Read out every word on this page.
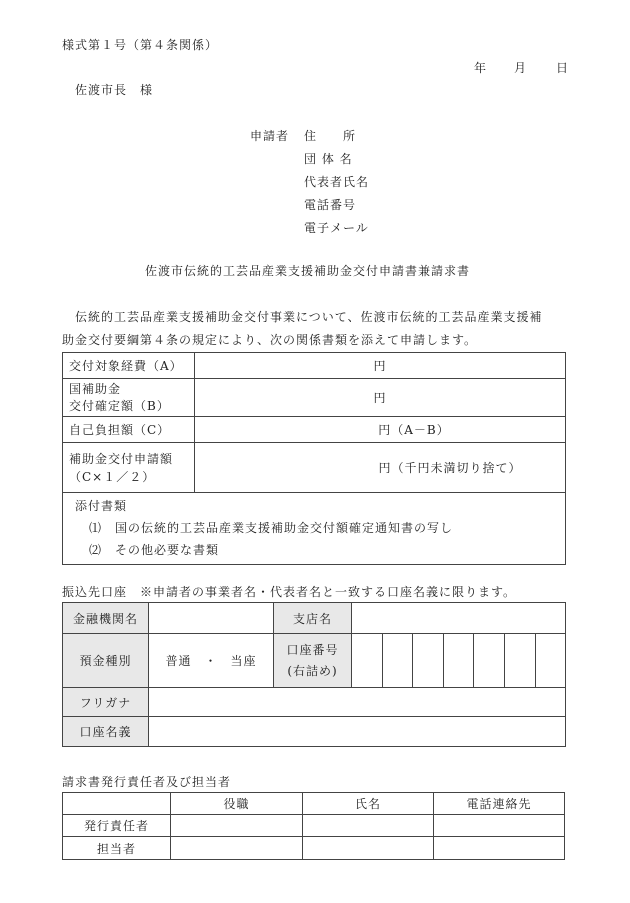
様式第１号（第４条関係）
年 月 日
佐渡市長　様
申請者 住　　所
団 体 名
代表者氏名
電話番号
電子メール
佐渡市伝統的工芸品産業支援補助金交付申請書兼請求書
伝統的工芸品産業支援補助金交付事業について、佐渡市伝統的工芸品産業支援補
助金交付要綱第４条の規定により、次の関係書類を添えて申請します。
交付対象経費（A）	円

国補助金
交付確定額（B）	円
自己負担額（C）	円（A－B）

補助金交付申請額
（C×１／２）	円（千円未満切り捨て）

添付書類
⑴　国の伝統的工芸品産業支援補助金交付額確定通知書の写し
⑵　その他必要な書類	
振込先口座　※申請者の事業者名・代表者名と一致する口座名義に限ります。
金融機関名		支店名							
預金種別	普通　・　当座	口座番号
(右詰め)							

フリガナ									
口座名義									
請求書発行責任者及び担当者
	役職	氏名	電話連絡先
発行責任者			
担当者			
